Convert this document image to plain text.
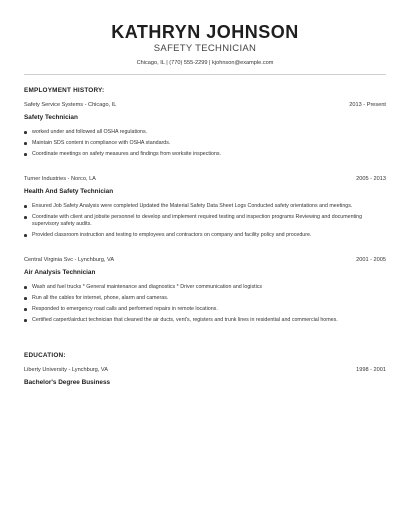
KATHRYN JOHNSON
SAFETY TECHNICIAN
Chicago, IL | (770) 555-2299 | kjohnson@example.com
EMPLOYMENT HISTORY:
Safety Service Systems - Chicago, IL	2013 - Present
Safety Technician
worked under and followed all OSHA regulations.
Maintain SDS content in compliance with OSHA standards.
Coordinate meetings on safety measures and findings from worksite inspections.
Turner Industries - Norco, LA	2005 - 2013
Health And Safety Technician
Ensured Job Safety Analysis were completed Updated the Material Safety Data Sheet Logs Conducted safety orientations and meetings.
Coordinate with client and jobsite personnel to develop and implement required testing and inspection programs Reviewing and documenting supervisory safety audits.
Provided classroom instruction and testing to employees and contractors on company and facility policy and procedure.
Central Virginia Svc - Lynchburg, VA	2001 - 2005
Air Analysis Technician
Wash and fuel trucks * General maintenance and diagnostics * Driver communication and logistics
Run all the cables for internet, phone, alarm and cameras.
Responded to emergency road calls and performed repairs in remote locations.
Certified carpert/airduct technician that cleaned the air ducts, vent's, registers and trunk lines in residential and commercial homes.
EDUCATION:
Liberty University - Lynchburg, VA	1998 - 2001
Bachelor's Degree Business
